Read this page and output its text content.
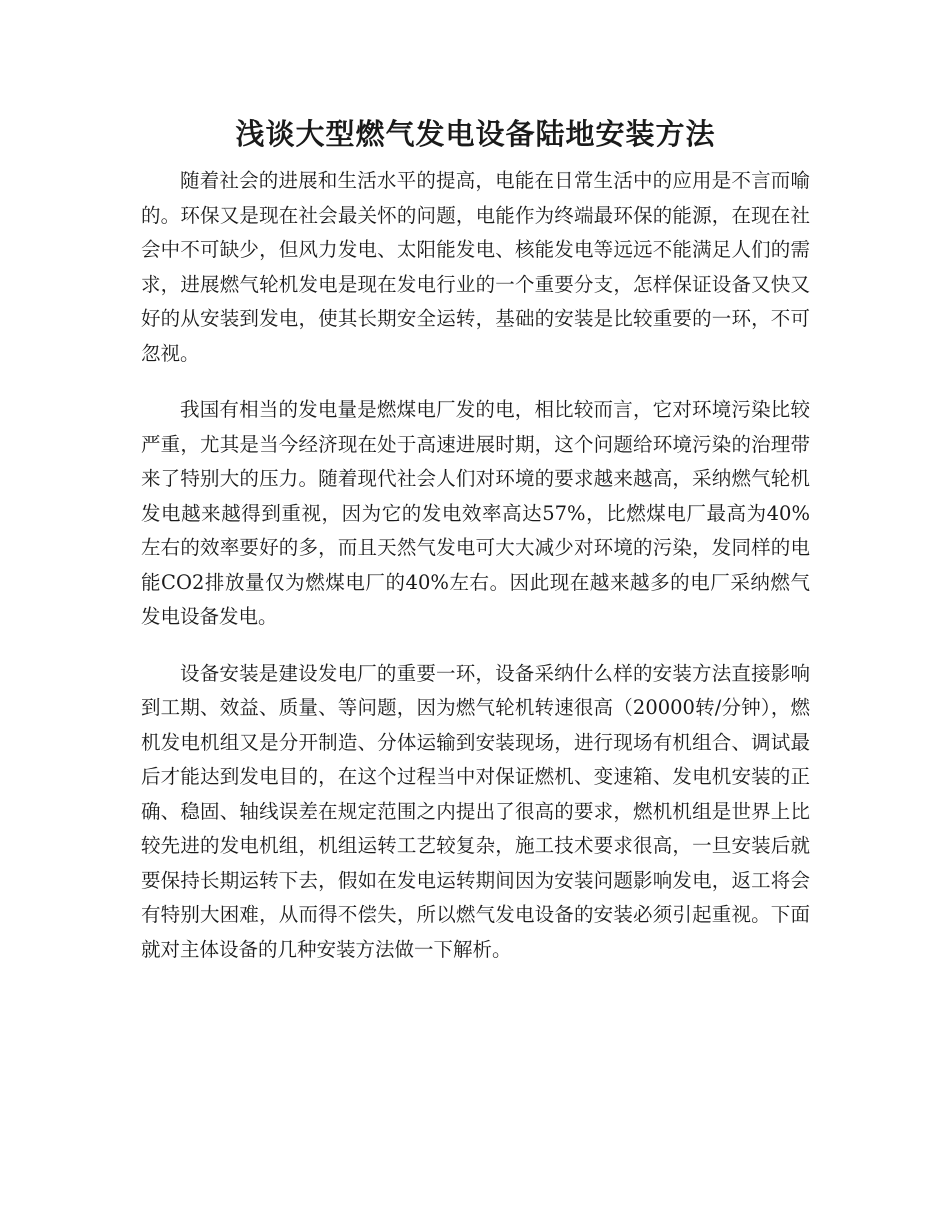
浅谈大型燃气发电设备陆地安装方法

随着社会的进展和生活水平的提高，电能在日常生活中的应用是不言而喻的。环保又是现在社会最关怀的问题，电能作为终端最环保的能源，在现在社会中不可缺少，但风力发电、太阳能发电、核能发电等远远不能满足人们的需求，进展燃气轮机发电是现在发电行业的一个重要分支，怎样保证设备又快又好的从安装到发电，使其长期安全运转，基础的安装是比较重要的一环，不可忽视。

我国有相当的发电量是燃煤电厂发的电，相比较而言，它对环境污染比较严重，尤其是当今经济现在处于高速进展时期，这个问题给环境污染的治理带来了特别大的压力。随着现代社会人们对环境的要求越来越高，采纳燃气轮机发电越来越得到重视，因为它的发电效率高达57%，比燃煤电厂最高为40%左右的效率要好的多，而且天然气发电可大大减少对环境的污染，发同样的电能CO2排放量仅为燃煤电厂的40%左右。因此现在越来越多的电厂采纳燃气发电设备发电。

设备安装是建设发电厂的重要一环，设备采纳什么样的安装方法直接影响到工期、效益、质量、等问题，因为燃气轮机转速很高（20000转/分钟），燃机发电机组又是分开制造、分体运输到安装现场，进行现场有机组合、调试最后才能达到发电目的，在这个过程当中对保证燃机、变速箱、发电机安装的正确、稳固、轴线误差在规定范围之内提出了很高的要求，燃机机组是世界上比较先进的发电机组，机组运转工艺较复杂，施工技术要求很高，一旦安装后就要保持长期运转下去，假如在发电运转期间因为安装问题影响发电，返工将会有特别大困难，从而得不偿失，所以燃气发电设备的安装必须引起重视。下面就对主体设备的几种安装方法做一下解析。
